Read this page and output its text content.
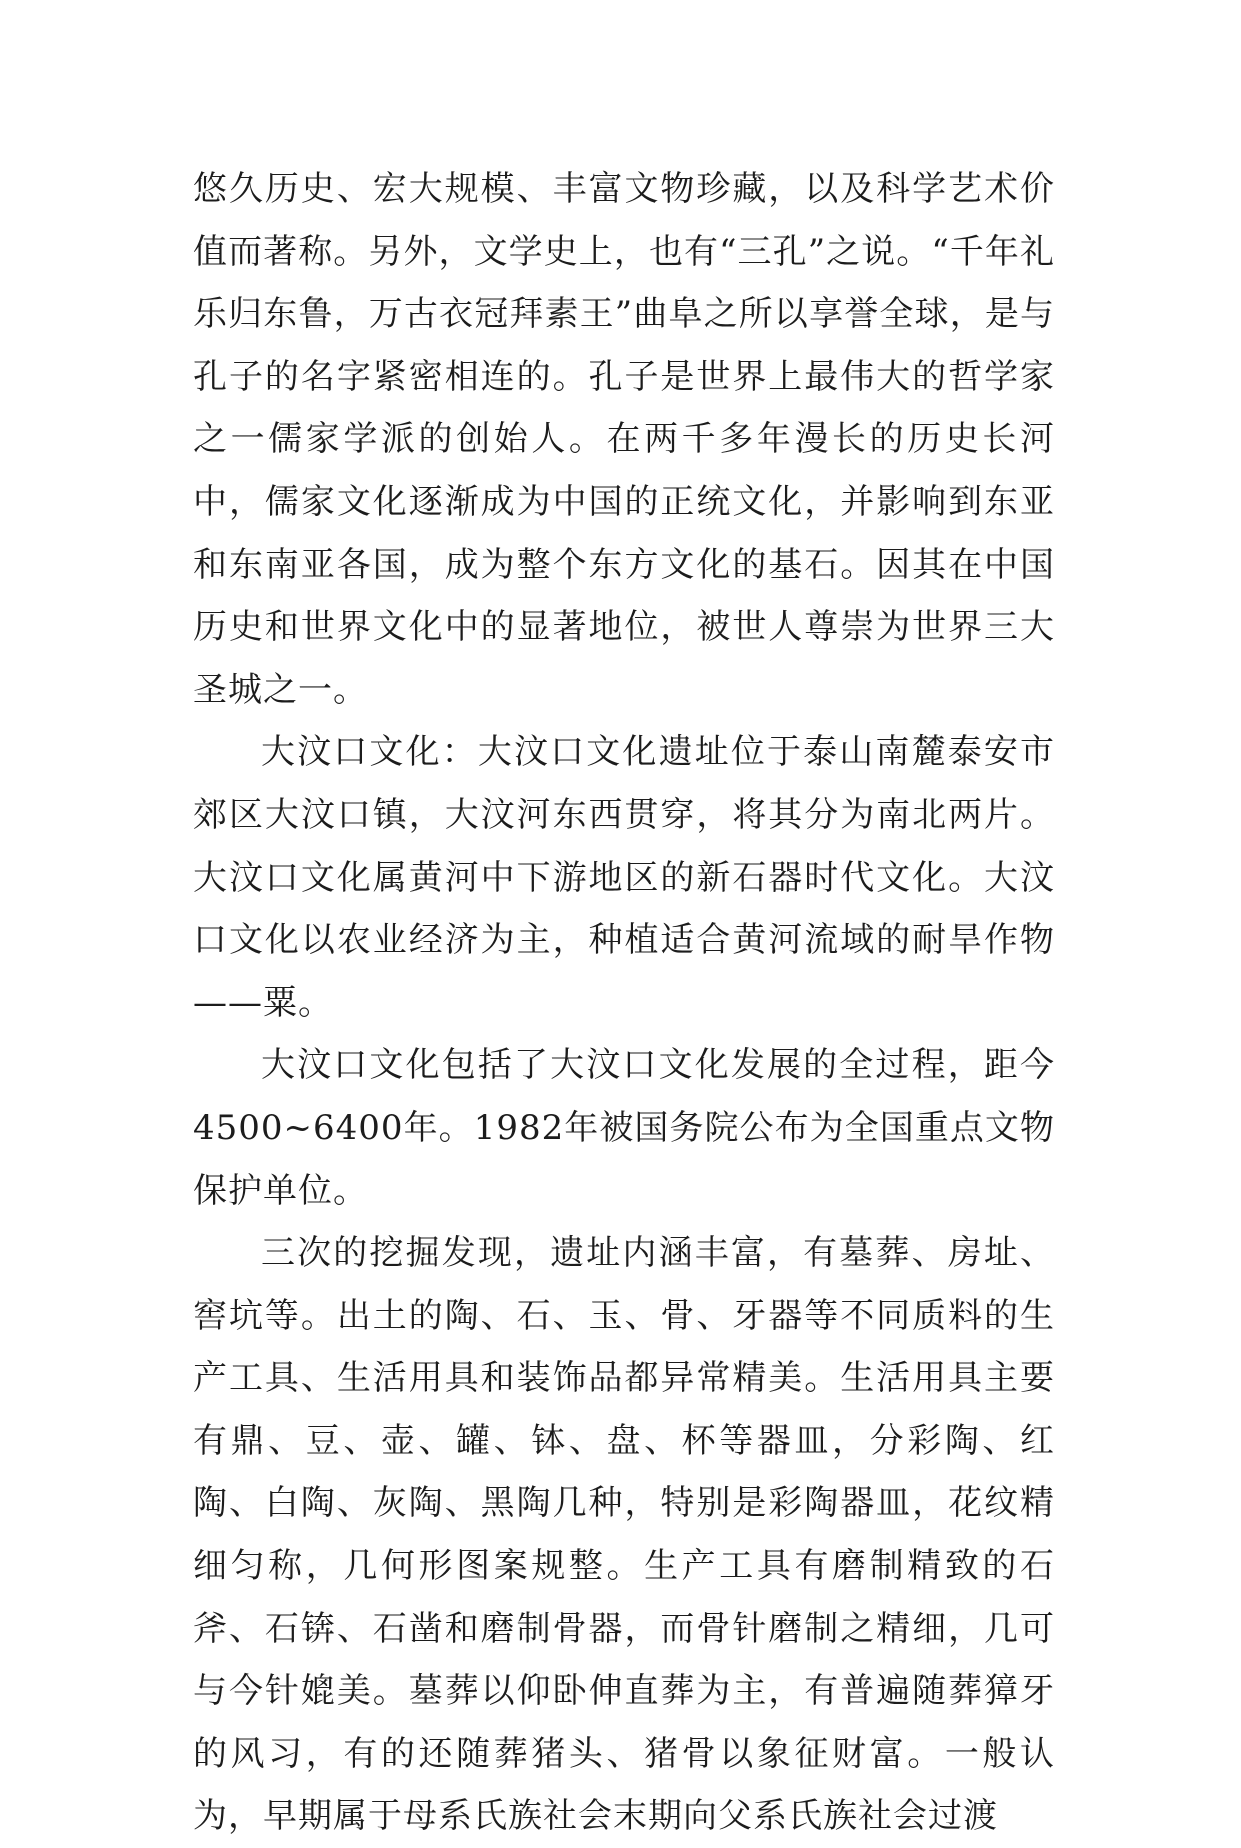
悠久历史、宏大规模、丰富文物珍藏，以及科学艺术价值而著称。另外，文学史上，也有“三孔”之说。“千年礼乐归东鲁，万古衣冠拜素王”曲阜之所以享誉全球，是与孔子的名字紧密相连的。孔子是世界上最伟大的哲学家之一儒家学派的创始人。在两千多年漫长的历史长河中，儒家文化逐渐成为中国的正统文化，并影响到东亚和东南亚各国，成为整个东方文化的基石。因其在中国历史和世界文化中的显著地位，被世人尊崇为世界三大圣城之一。

大汶口文化：大汶口文化遗址位于泰山南麓泰安市郊区大汶口镇，大汶河东西贯穿，将其分为南北两片。大汶口文化属黄河中下游地区的新石器时代文化。大汶口文化以农业经济为主，种植适合黄河流域的耐旱作物——粟。

大汶口文化包括了大汶口文化发展的全过程，距今4500~6400年。1982年被国务院公布为全国重点文物保护单位。

三次的挖掘发现，遗址内涵丰富，有墓葬、房址、窖坑等。出土的陶、石、玉、骨、牙器等不同质料的生产工具、生活用具和装饰品都异常精美。生活用具主要有鼎、豆、壶、罐、钵、盘、杯等器皿，分彩陶、红陶、白陶、灰陶、黑陶几种，特别是彩陶器皿，花纹精细匀称，几何形图案规整。生产工具有磨制精致的石斧、石锛、石凿和磨制骨器，而骨针磨制之精细，几可与今针媲美。墓葬以仰卧伸直葬为主，有普遍随葬獐牙的风习，有的还随葬猪头、猪骨以象征财富。一般认为，早期属于母系氏族社会末期向父系氏族社会过渡
